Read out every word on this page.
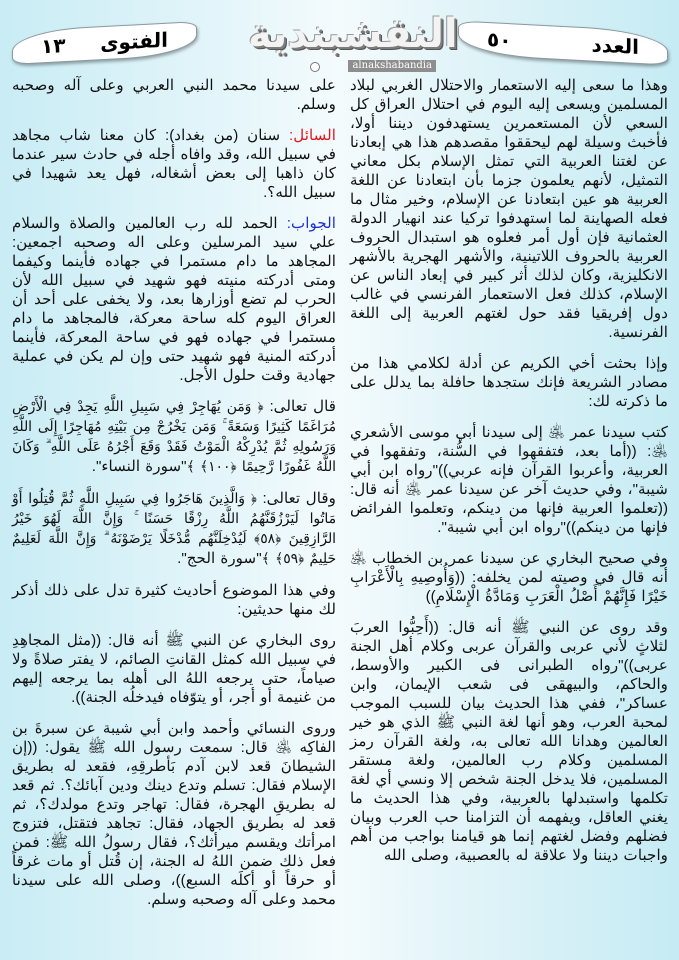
١٣ الفتوى النقشبندية
alnakshabandia
٥٠	العدد

وهذا ما سعى إليه الاستعمار والاحتلال الغربي لبلاد المسلمين ويسعى إليه اليوم في احتلال العراق كل السعي لأن المستعمرين يستهدفون ديننا أولا، فأخبث وسيلة لهم ليحققوا مقصدهم هذا هي إبعادنا عن لغتنا العربية التي تمثل الإسلام بكل معاني التمثيل، لأنهم يعلمون جزما بأن ابتعادنا عن اللغة العربية هو عين ابتعادنا عن الإسلام، وخير مثال ما فعله الصهاينة لما استهدفوا تركيا عند انهيار الدولة العثمانية فإن أول أمر فعلوه هو استبدال الحروف العربية بالحروف اللاتينية، والأشهر الهجرية بالأشهر الانكليزية، وكان لذلك أثر كبير في إبعاد الناس عن الإسلام، كذلك فعل الاستعمار الفرنسي في غالب دول إفريقيا فقد حول لغتهم العربية إلى اللغة الفرنسية.

وإذا بحثت أخي الكريم عن أدلة لكلامي هذا من مصادر الشريعة فإنك ستجدها حافلة بما يدلل على ما ذكرته لك:

كتب سيدنا عمر ﵁ إلى سيدنا أبي موسى الأشعري ﵁: ((أما بعد، فتفقهوا في السُّنة، وتفقهوا في العربية، وأعربوا القرآن فإنه عربي))"رواه ابن أبي شيبة"، وفي حديث آخر عن سيدنا عمر ﵁ أنه قال: ((تعلموا العربية فإنها من دينكم، وتعلموا الفرائض فإنها من دينكم))"رواه ابن أبي شيبة".

وفي صحيح البخاري عن سيدنا عمر بن الخطاب ﵁ أنه قال في وصيته لمن يخلفه: ((وَأُوصِيهِ بِالْأَعْرَابِ خَيْرًا فَإِنَّهُمْ أَصْلُ الْعَرَبِ وَمَادَّةُ الْإِسْلَامِ))

وقد روى عن النبي ﷺ أنه قال: ((أَحِبُّوا العربَ لثلاثٍ لأني عربى والقرآن عربى وكلام أهل الجنة عربى))"رواه الطبرانى فى الكبير والأوسط، والحاكم، والبيهقى فى شعب الإيمان، وابن عساكر"، ففي هذا الحديث بيان للسبب الموجب لمحبة العرب، وهو أنها لغة النبي ﷺ الذي هو خير العالمين وهدانا الله تعالى به، ولغة القرآن رمز المسلمين وكلام رب العالمين، ولغة مستقر المسلمين، فلا يدخل الجنة شخص إلا ونسي أي لغة تكلمها واستبدلها بالعربية، وفي هذا الحديث ما يغني العاقل، ويفهمه أن التزامنا حب العرب وبيان فضلهم وفضل لغتهم إنما هو قيامنا بواجب من أهم واجبات ديننا ولا علاقة له بالعصبية، وصلى الله

على سيدنا محمد النبي العربي وعلى آله وصحبه وسلم.

السائل: سنان (من بغداد): كان معنا شاب مجاهد في سبيل الله، وقد وافاه أجله في حادث سير عندما كان ذاهبا إلى بعض أشغاله، فهل يعد شهيدا في سبيل الله؟.

الجواب: الحمد لله رب العالمين والصلاة والسلام علي سيد المرسلين وعلى اله وصحبه اجمعين: المجاهد ما دام مستمرا في جهاده فأينما وكيفما ومتى أدركته منيته فهو شهيد في سبيل الله لأن الحرب لم تضع أوزارها بعد، ولا يخفى على أحد أن العراق اليوم كله ساحة معركة، فالمجاهد ما دام مستمرا في جهاده فهو في ساحة المعركة، فأينما أدركته المنية فهو شهيد حتى وإن لم يكن في عملية جهادية وقت حلول الأجل.

قال تعالى: ﴿ وَمَن يُهَاجِرْ فِي سَبِيلِ اللَّهِ يَجِدْ فِي الْأَرْضِ مُرَاغَمًا كَثِيرًا وَسَعَةً ۚ وَمَن يَخْرُجْ مِن بَيْتِهِ مُهَاجِرًا إِلَى اللَّهِ وَرَسُولِهِ ثُمَّ يُدْرِكْهُ الْمَوْتُ فَقَدْ وَقَعَ أَجْرُهُ عَلَى اللَّهِ ۗ وَكَانَ اللَّهُ غَفُورًا رَّحِيمًا ﴿١٠٠﴾ ﴾"سورة النساء".

وقال تعالى: ﴿ وَالَّذِينَ هَاجَرُوا فِي سَبِيلِ اللَّهِ ثُمَّ قُتِلُوا أَوْ مَاتُوا لَيَرْزُقَنَّهُمُ اللَّهُ رِزْقًا حَسَنًا ۚ وَإِنَّ اللَّهَ لَهُوَ خَيْرُ الرَّازِقِينَ ﴿٥٨﴾ لَيُدْخِلَنَّهُم مُّدْخَلًا يَرْضَوْنَهُ ۗ وَإِنَّ اللَّهَ لَعَلِيمٌ حَلِيمٌ ﴿٥٩﴾ ﴾"سورة الحج".

وفي هذا الموضوع أحاديث كثيرة تدل على ذلك أذكر لك منها حديثين:

روى البخاري عن النبي ﷺ أنه قال: ((مثل المجاهِدِ في سبيل الله كمثل القانتِ الصائم، لا يفتر صلاةً ولا صياماً، حتى يرجعه اللهُ الى أهله بما يرجعه إليهم من غنيمة أو أجر، أو يتوّفاه فيدخلُه الجنة)).

وروى النسائي وأحمد وابن أبي شيبة عن سبرةَ بن الفاكِه ﵁ قال: سمعت رسول الله ﷺ يقول: ((إن الشيطانَ قعد لابن آدم بَأطرقِهِ، فقعد له بطريق الإسلام فقال: تسلم وتدع دينك ودين آبائك؟. ثم قعد له بطريقِ الهجرة، فقال: تهاجر وتدع مولدك؟، ثم قعد له بطريق الجهاد، فقال: تجاهد فتقتل، فتزوج امرأتك ويقسم ميرأثك؟، فقال رسولُ الله ﷺ: فمن فعل ذلك ضمن اللهُ له الجنة، إن قُتل أو مات غرقاً أو حرقاً أو أكلَه السبع))، وصلى الله على سيدنا محمد وعلى آله وصحبه وسلم.
